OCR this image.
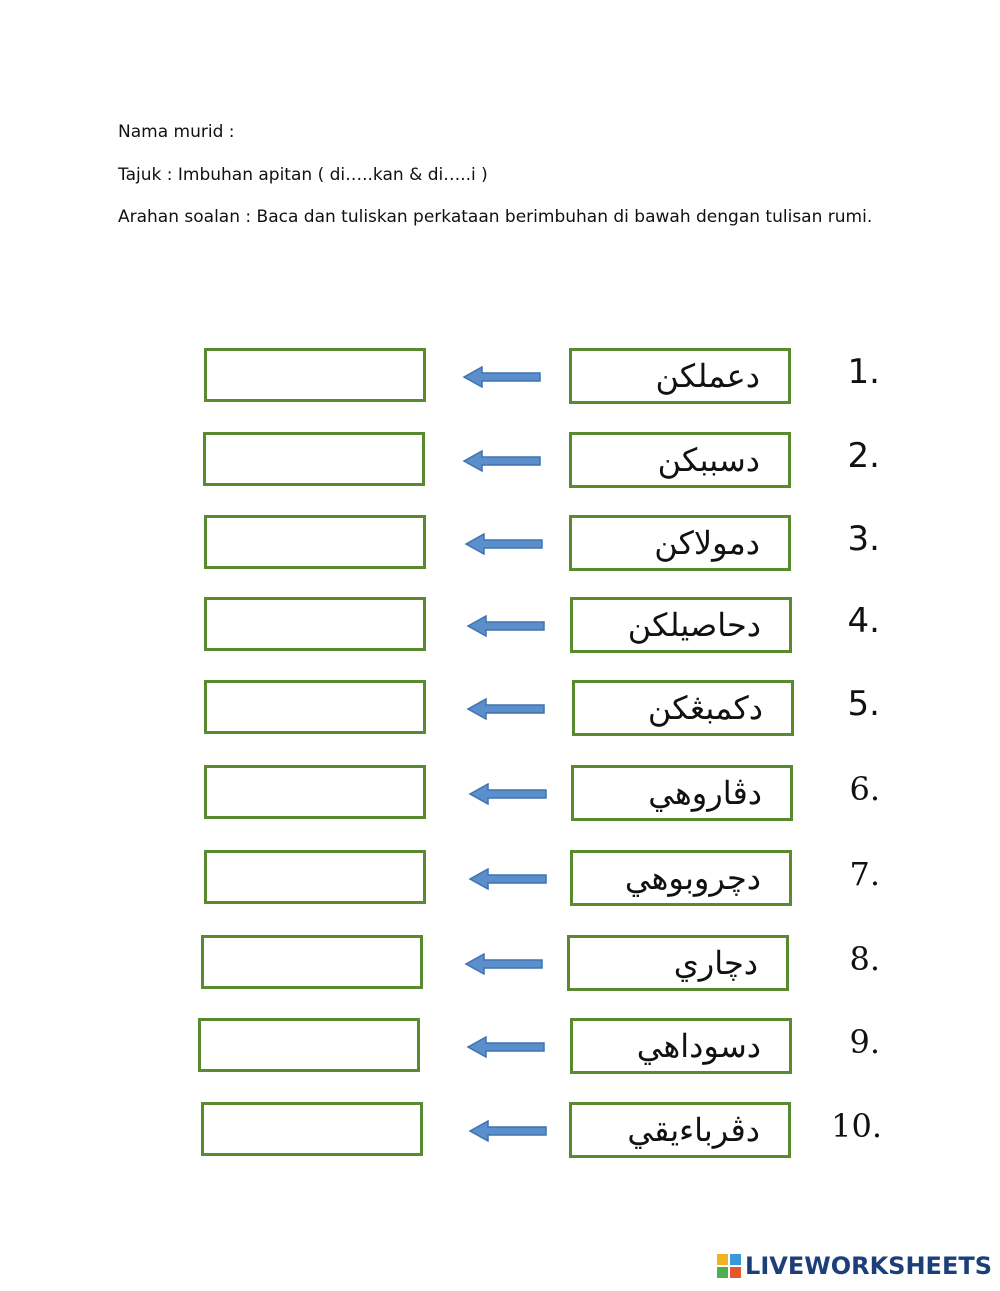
Nama murid :
Tajuk : Imbuhan apitan ( di…..kan & di…..i )
Arahan soalan : Baca dan tuliskan perkataan berimbuhan di bawah dengan tulisan rumi.
دعملكن	1.
دسببكن	2.
دمولاكن	3.
دحاصيلكن	4.
دكمبڠكن	5.
دڤاروهي	6.
دچروبوهي	7.
دچاري	8.
دسوداهي	9.
دڤرباءيقي	10.
LIVEWORKSHEETS
